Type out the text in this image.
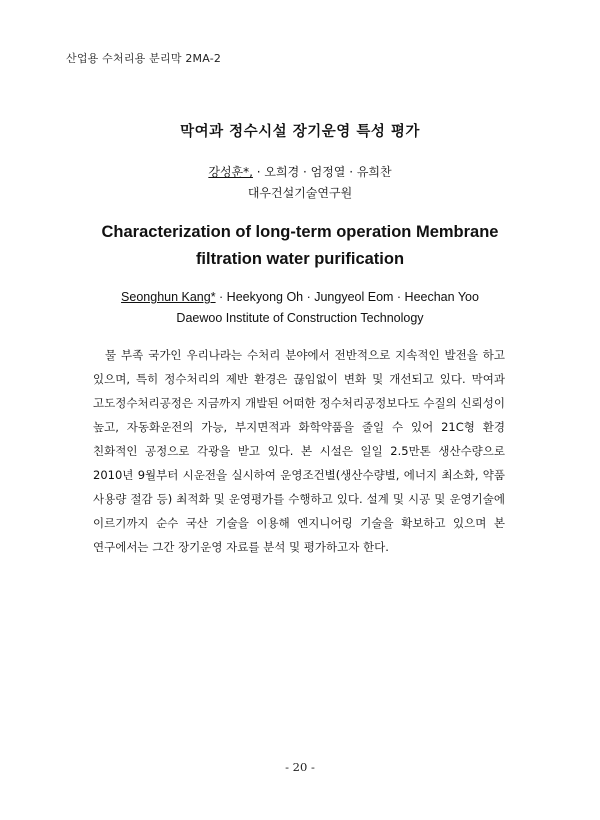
산업용 수처리용 분리막 2MA-2
막여과 정수시설 장기운영 특성 평가
강성훈*, · 오희경 · 엄정열 · 유희찬
대우건설기술연구원
Characterization of long-term operation Membrane
filtration water purification
Seonghun Kang* · Heekyong Oh · Jungyeol Eom · Heechan Yoo
Daewoo Institute of Construction Technology

물 부족 국가인 우리나라는 수처리 분야에서 전반적으로 지속적인 발전을 하고 있으며, 특히 정수처리의 제반 환경은 끊임없이 변화 및 개선되고 있다. 막여과 고도정수처리공정은 지금까지 개발된 어떠한 정수처리공정보다도 수질의 신뢰성이 높고, 자동화운전의 가능, 부지면적과 화학약품을 줄일 수 있어 21C형 환경 친화적인 공정으로 각광을 받고 있다. 본 시설은 일일 2.5만톤 생산수량으로 2010년 9월부터 시운전을 실시하여 운영조건별(생산수량별, 에너지 최소화, 약품 사용량 절감 등) 최적화 및 운영평가를 수행하고 있다. 설계 및 시공 및 운영기술에 이르기까지 순수 국산 기술을 이용해 엔지니어링 기술을 확보하고 있으며 본 연구에서는 그간 장기운영 자료를 분석 및 평가하고자 한다.

- 20 -
